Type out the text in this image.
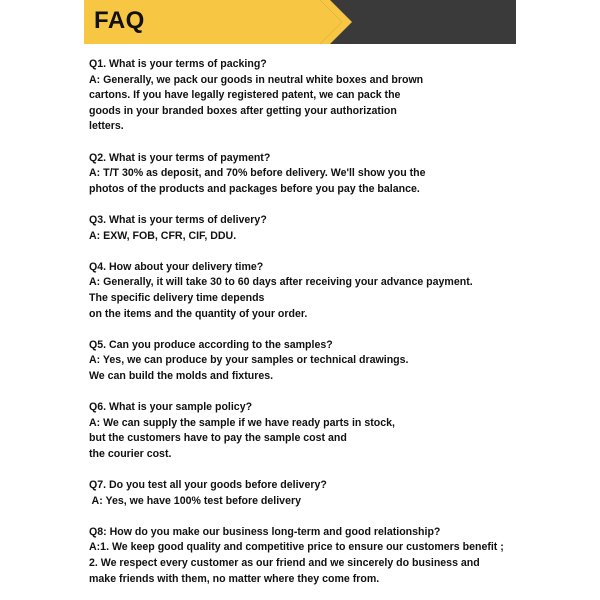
FAQ
Q1. What is your terms of packing?
A: Generally, we pack our goods in neutral white boxes and brown
cartons. If you have legally registered patent, we can pack the
goods in your branded boxes after getting your authorization
letters.
Q2. What is your terms of payment?
A: T/T 30% as deposit, and 70% before delivery. We'll show you the
photos of the products and packages before you pay the balance.
Q3. What is your terms of delivery?
A: EXW, FOB, CFR, CIF, DDU.
Q4. How about your delivery time?
A: Generally, it will take 30 to 60 days after receiving your advance payment.
The specific delivery time depends
on the items and the quantity of your order.
Q5. Can you produce according to the samples?
A: Yes, we can produce by your samples or technical drawings.
We can build the molds and fixtures.
Q6. What is your sample policy?
A: We can supply the sample if we have ready parts in stock,
but the customers have to pay the sample cost and
the courier cost.
Q7. Do you test all your goods before delivery?
A: Yes, we have 100% test before delivery
Q8: How do you make our business long-term and good relationship?
A:1. We keep good quality and competitive price to ensure our customers benefit ;
2. We respect every customer as our friend and we sincerely do business and
make friends with them, no matter where they come from.
